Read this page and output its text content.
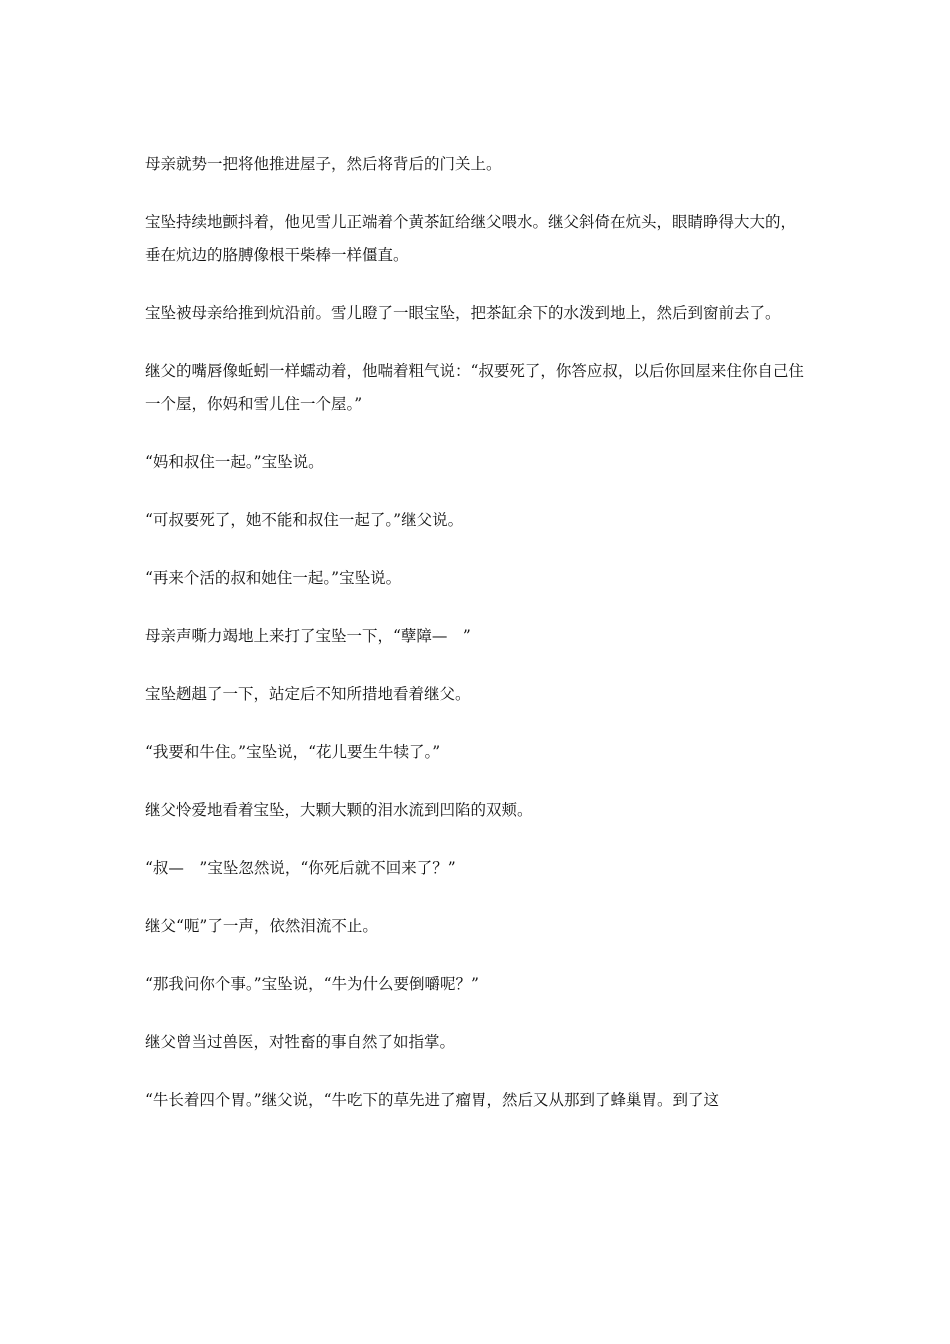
母亲就势一把将他推进屋子，然后将背后的门关上。

宝坠持续地颤抖着，他见雪儿正端着个黄茶缸给继父喂水。继父斜倚在炕头，眼睛睁得大大的，垂在炕边的胳膊像根干柴棒一样僵直。

宝坠被母亲给推到炕沿前。雪儿瞪了一眼宝坠，把茶缸余下的水泼到地上，然后到窗前去了。

继父的嘴唇像蚯蚓一样蠕动着，他喘着粗气说：“叔要死了，你答应叔，以后你回屋来住你自己住一个屋，你妈和雪儿住一个屋。”

“妈和叔住一起。”宝坠说。

“可叔要死了，她不能和叔住一起了。”继父说。

“再来个活的叔和她住一起。”宝坠说。

母亲声嘶力竭地上来打了宝坠一下，“孽障—　”

宝坠趔趄了一下，站定后不知所措地看着继父。

“我要和牛住。”宝坠说，“花儿要生牛犊了。”

继父怜爱地看着宝坠，大颗大颗的泪水流到凹陷的双颊。

“叔—　”宝坠忽然说，“你死后就不回来了？”

继父“呃”了一声，依然泪流不止。

“那我问你个事。”宝坠说，“牛为什么要倒嚼呢？”

继父曾当过兽医，对牲畜的事自然了如指掌。

“牛长着四个胃。”继父说，“牛吃下的草先进了瘤胃，然后又从那到了蜂巢胃。到了这
